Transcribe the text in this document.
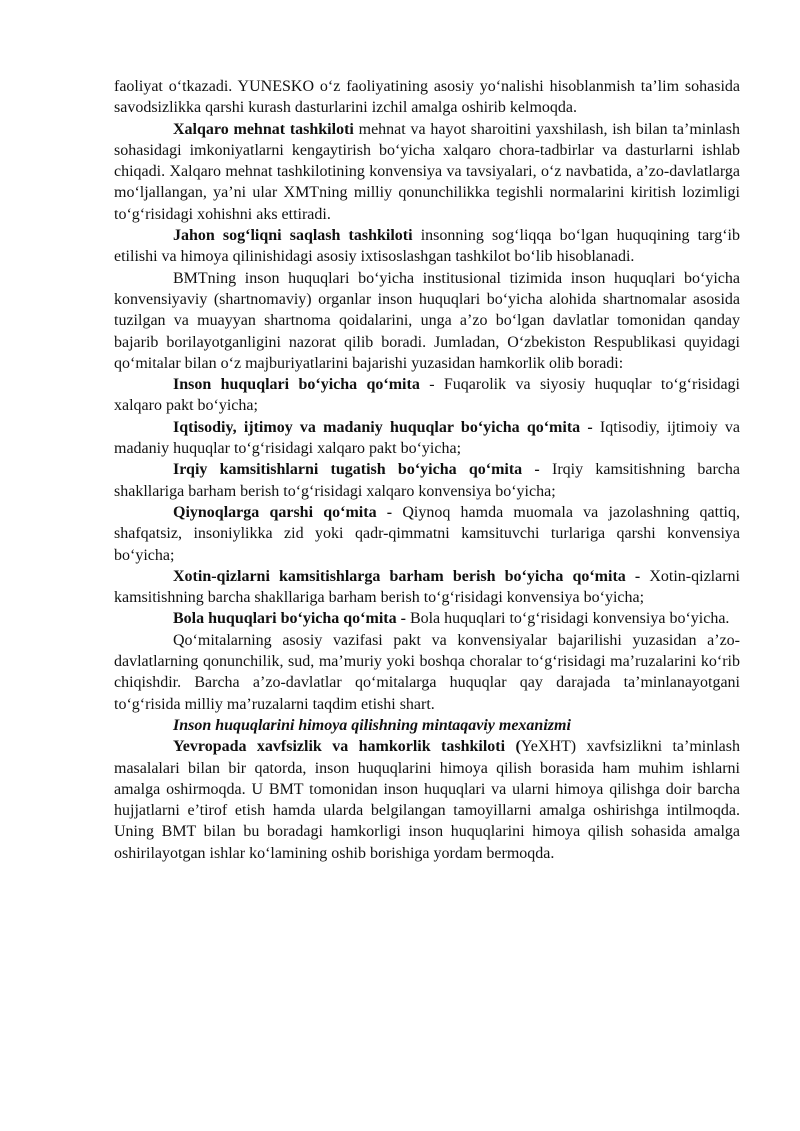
faoliyat o‘tkazadi. YUNESKO o‘z faoliyatining asosiy yo‘nalishi hisoblanmish ta’lim sohasida savodsizlikka qarshi kurash dasturlarini izchil amalga oshirib kelmoqda.

Xalqaro mehnat tashkiloti mehnat va hayot sharoitini yaxshilash, ish bilan ta’minlash sohasidagi imkoniyatlarni kengaytirish bo‘yicha xalqaro chora-tadbirlar va dasturlarni ishlab chiqadi. Xalqaro mehnat tashkilotining konvensiya va tavsiyalari, o‘z navbatida, a’zo-davlatlarga mo‘ljallangan, ya’ni ular XMTning milliy qonunchilikka tegishli normalarini kiritish lozimligi to‘g‘risidagi xohishni aks ettiradi.

Jahon sog‘liqni saqlash tashkiloti insonning sog‘liqqa bo‘lgan huquqining targ‘ib etilishi va himoya qilinishidagi asosiy ixtisoslashgan tashkilot bo‘lib hisoblanadi.

BMTning inson huquqlari bo‘yicha institusional tizimida inson huquqlari bo‘yicha konvensiyaviy (shartnomaviy) organlar inson huquqlari bo‘yicha alohida shartnomalar asosida tuzilgan va muayyan shartnoma qoidalarini, unga a’zo bo‘lgan davlatlar tomonidan qanday bajarib borilayotganligini nazorat qilib boradi. Jumladan, O‘zbekiston Respublikasi quyidagi qo‘mitalar bilan o‘z majburiyatlarini bajarishi yuzasidan hamkorlik olib boradi:

Inson huquqlari bo‘yicha qo‘mita - Fuqarolik va siyosiy huquqlar to‘g‘risidagi xalqaro pakt bo‘yicha;

Iqtisodiy, ijtimoy va madaniy huquqlar bo‘yicha qo‘mita - Iqtisodiy, ijtimoiy va madaniy huquqlar to‘g‘risidagi xalqaro pakt bo‘yicha;

Irqiy kamsitishlarni tugatish bo‘yicha qo‘mita - Irqiy kamsitishning barcha shakllariga barham berish to‘g‘risidagi xalqaro konvensiya bo‘yicha;

Qiynoqlarga qarshi qo‘mita - Qiynoq hamda muomala va jazolashning qattiq, shafqatsiz, insoniylikka zid yoki qadr-qimmatni kamsituvchi turlariga qarshi konvensiya bo‘yicha;

Xotin-qizlarni kamsitishlarga barham berish bo‘yicha qo‘mita - Xotin-qizlarni kamsitishning barcha shakllariga barham berish to‘g‘risidagi konvensiya bo‘yicha;

Bola huquqlari bo‘yicha qo‘mita - Bola huquqlari to‘g‘risidagi konvensiya bo‘yicha.

Qo‘mitalarning asosiy vazifasi pakt va konvensiyalar bajarilishi yuzasidan a’zo-davlatlarning qonunchilik, sud, ma’muriy yoki boshqa choralar to‘g‘risidagi ma’ruzalarini ko‘rib chiqishdir. Barcha a’zo-davlatlar qo‘mitalarga huquqlar qay darajada ta’minlanayotgani to‘g‘risida milliy ma’ruzalarni taqdim etishi shart.

Inson huquqlarini himoya qilishning mintaqaviy mexanizmi

Yevropada xavfsizlik va hamkorlik tashkiloti (YeXHT) xavfsizlikni ta’minlash masalalari bilan bir qatorda, inson huquqlarini himoya qilish borasida ham muhim ishlarni amalga oshirmoqda. U BMT tomonidan inson huquqlari va ularni himoya qilishga doir barcha hujjatlarni e’tirof etish hamda ularda belgilangan tamoyillarni amalga oshirishga intilmoqda. Uning BMT bilan bu boradagi hamkorligi inson huquqlarini himoya qilish sohasida amalga oshirilayotgan ishlar ko‘lamining oshib borishiga yordam bermoqda.
